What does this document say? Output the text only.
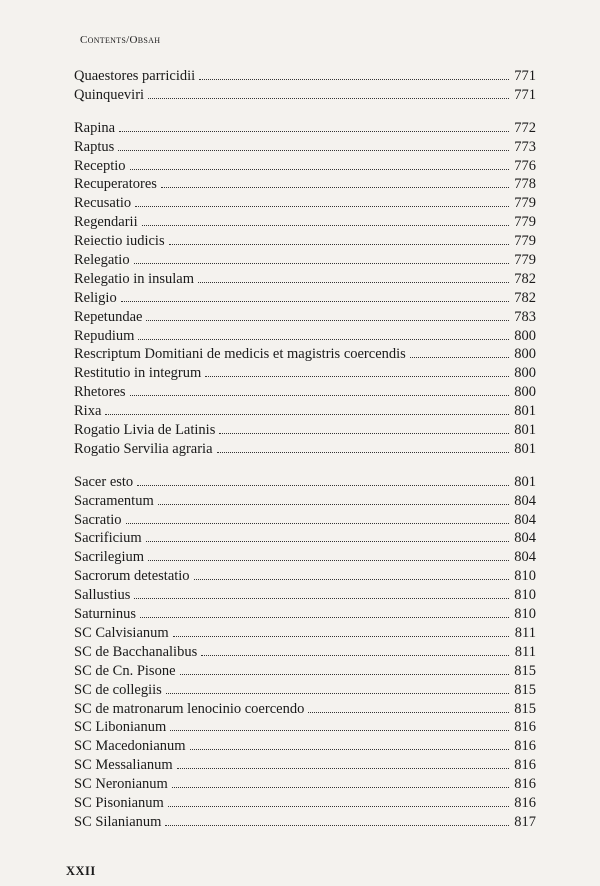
Contents/Obsah
Quaestores parricidii	771
Quinqueviri	771
Rapina	772
Raptus	773
Receptio	776
Recuperatores	778
Recusatio	779
Regendarii	779
Reiectio iudicis	779
Relegatio	779
Relegatio in insulam	782
Religio	782
Repetundae	783
Repudium	800
Rescriptum Domitiani de medicis et magistris coercendis	800
Restitutio in integrum	800
Rhetores	800
Rixa	801
Rogatio Livia de Latinis	801
Rogatio Servilia agraria	801
Sacer esto	801
Sacramentum	804
Sacratio	804
Sacrificium	804
Sacrilegium	804
Sacrorum detestatio	810
Sallustius	810
Saturninus	810
SC Calvisianum	811
SC de Bacchanalibus	811
SC de Cn. Pisone	815
SC de collegiis	815
SC de matronarum lenocinio coercendo	815
SC Libonianum	816
SC Macedonianum	816
SC Messalianum	816
SC Neronianum	816
SC Pisonianum	816
SC Silanianum	817
XXII
